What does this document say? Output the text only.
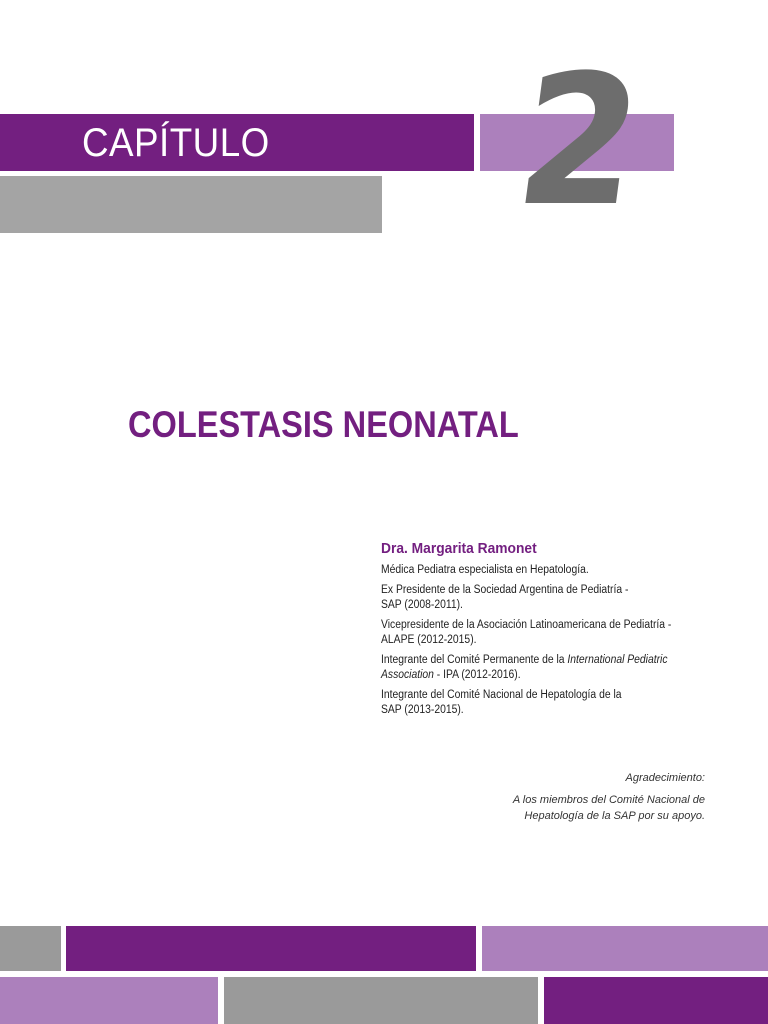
CAPÍTULO 2
COLESTASIS NEONATAL
Dra. Margarita Ramonet
Médica Pediatra especialista en Hepatología.
Ex Presidente de la Sociedad Argentina de Pediatría -
SAP (2008-2011).
Vicepresidente de la Asociación Latinoamericana de Pediatría -
ALAPE (2012-2015).
Integrante del Comité Permanente de la International Pediatric
Association - IPA (2012-2016).
Integrante del Comité Nacional de Hepatología de la
SAP (2013-2015).
Agradecimiento:
A los miembros del Comité Nacional de
Hepatología de la SAP por su apoyo.
